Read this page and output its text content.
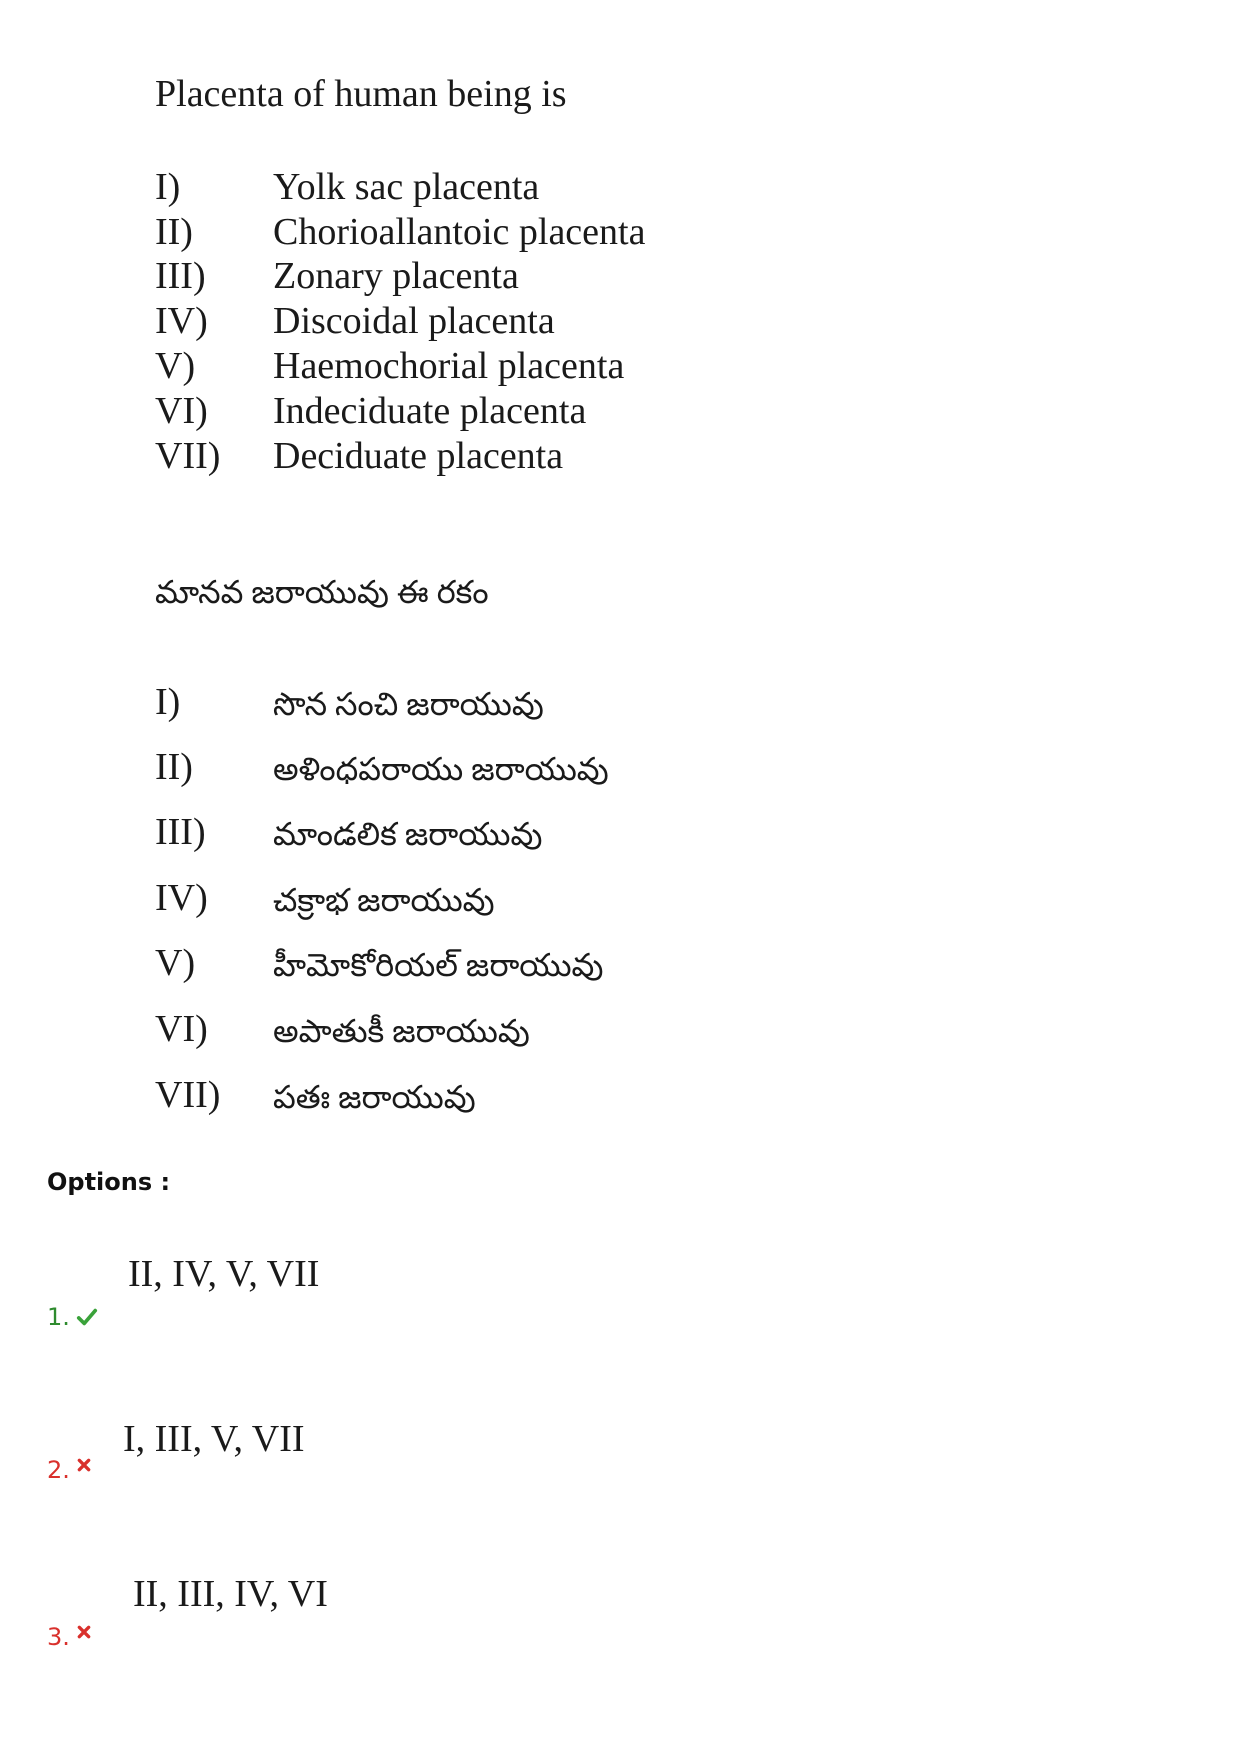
Placenta of human being is
I) Yolk sac placenta
II) Chorioallantoic placenta
III) Zonary placenta
IV) Discoidal placenta
V) Haemochorial placenta
VI) Indeciduate placenta
VII) Deciduate placenta
మానవ జరాయువు ఈ రకం
I)	సొన సంచి జరాయువు
II)	అళింధపరాయు జరాయువు
III) మాండలిక జరాయువు
IV) చక్రాభ జరాయువు
V) హీమోకోరియల్ జరాయువు
VI) అపాతుకీ జరాయువు
VII) పతః జరాయువు
Options :
II, IV, V, VII
1.
I, III, V, VII
2.
II, III, IV, VI
3.
